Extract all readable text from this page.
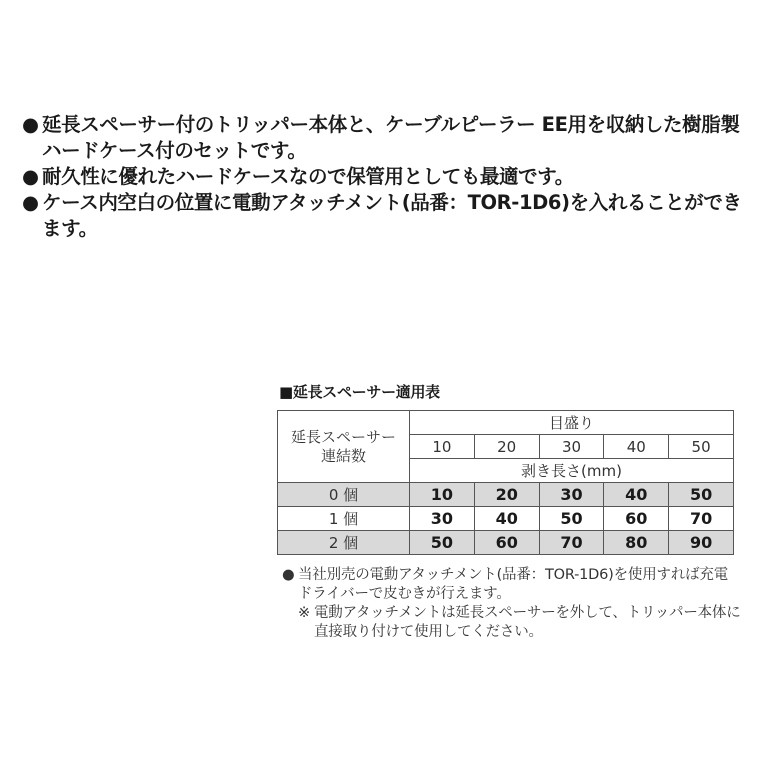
● 延長スペーサー付のトリッパー本体と、ケーブルピーラー EE用を収納した樹脂製ハードケース付のセットです。
● 耐久性に優れたハードケースなので保管用としても最適です。
● ケース内空白の位置に電動アタッチメント(品番：TOR-1D6)を入れることができます。
■延長スペーサー適用表
延長スペーサー
連結数	目盛り				
	10	20	30	40	50
	剥き長さ(mm)				
0 個	10	20	30	40	50
1 個	30	40	50	60	70
2 個	50	60	70	80	90
● 当社別売の電動アタッチメント(品番：TOR-1D6)を使用すれば充電ドライバーで皮むきが行えます。
※ 電動アタッチメントは延長スペーサーを外して、トリッパー本体に直接取り付けて使用してください。
